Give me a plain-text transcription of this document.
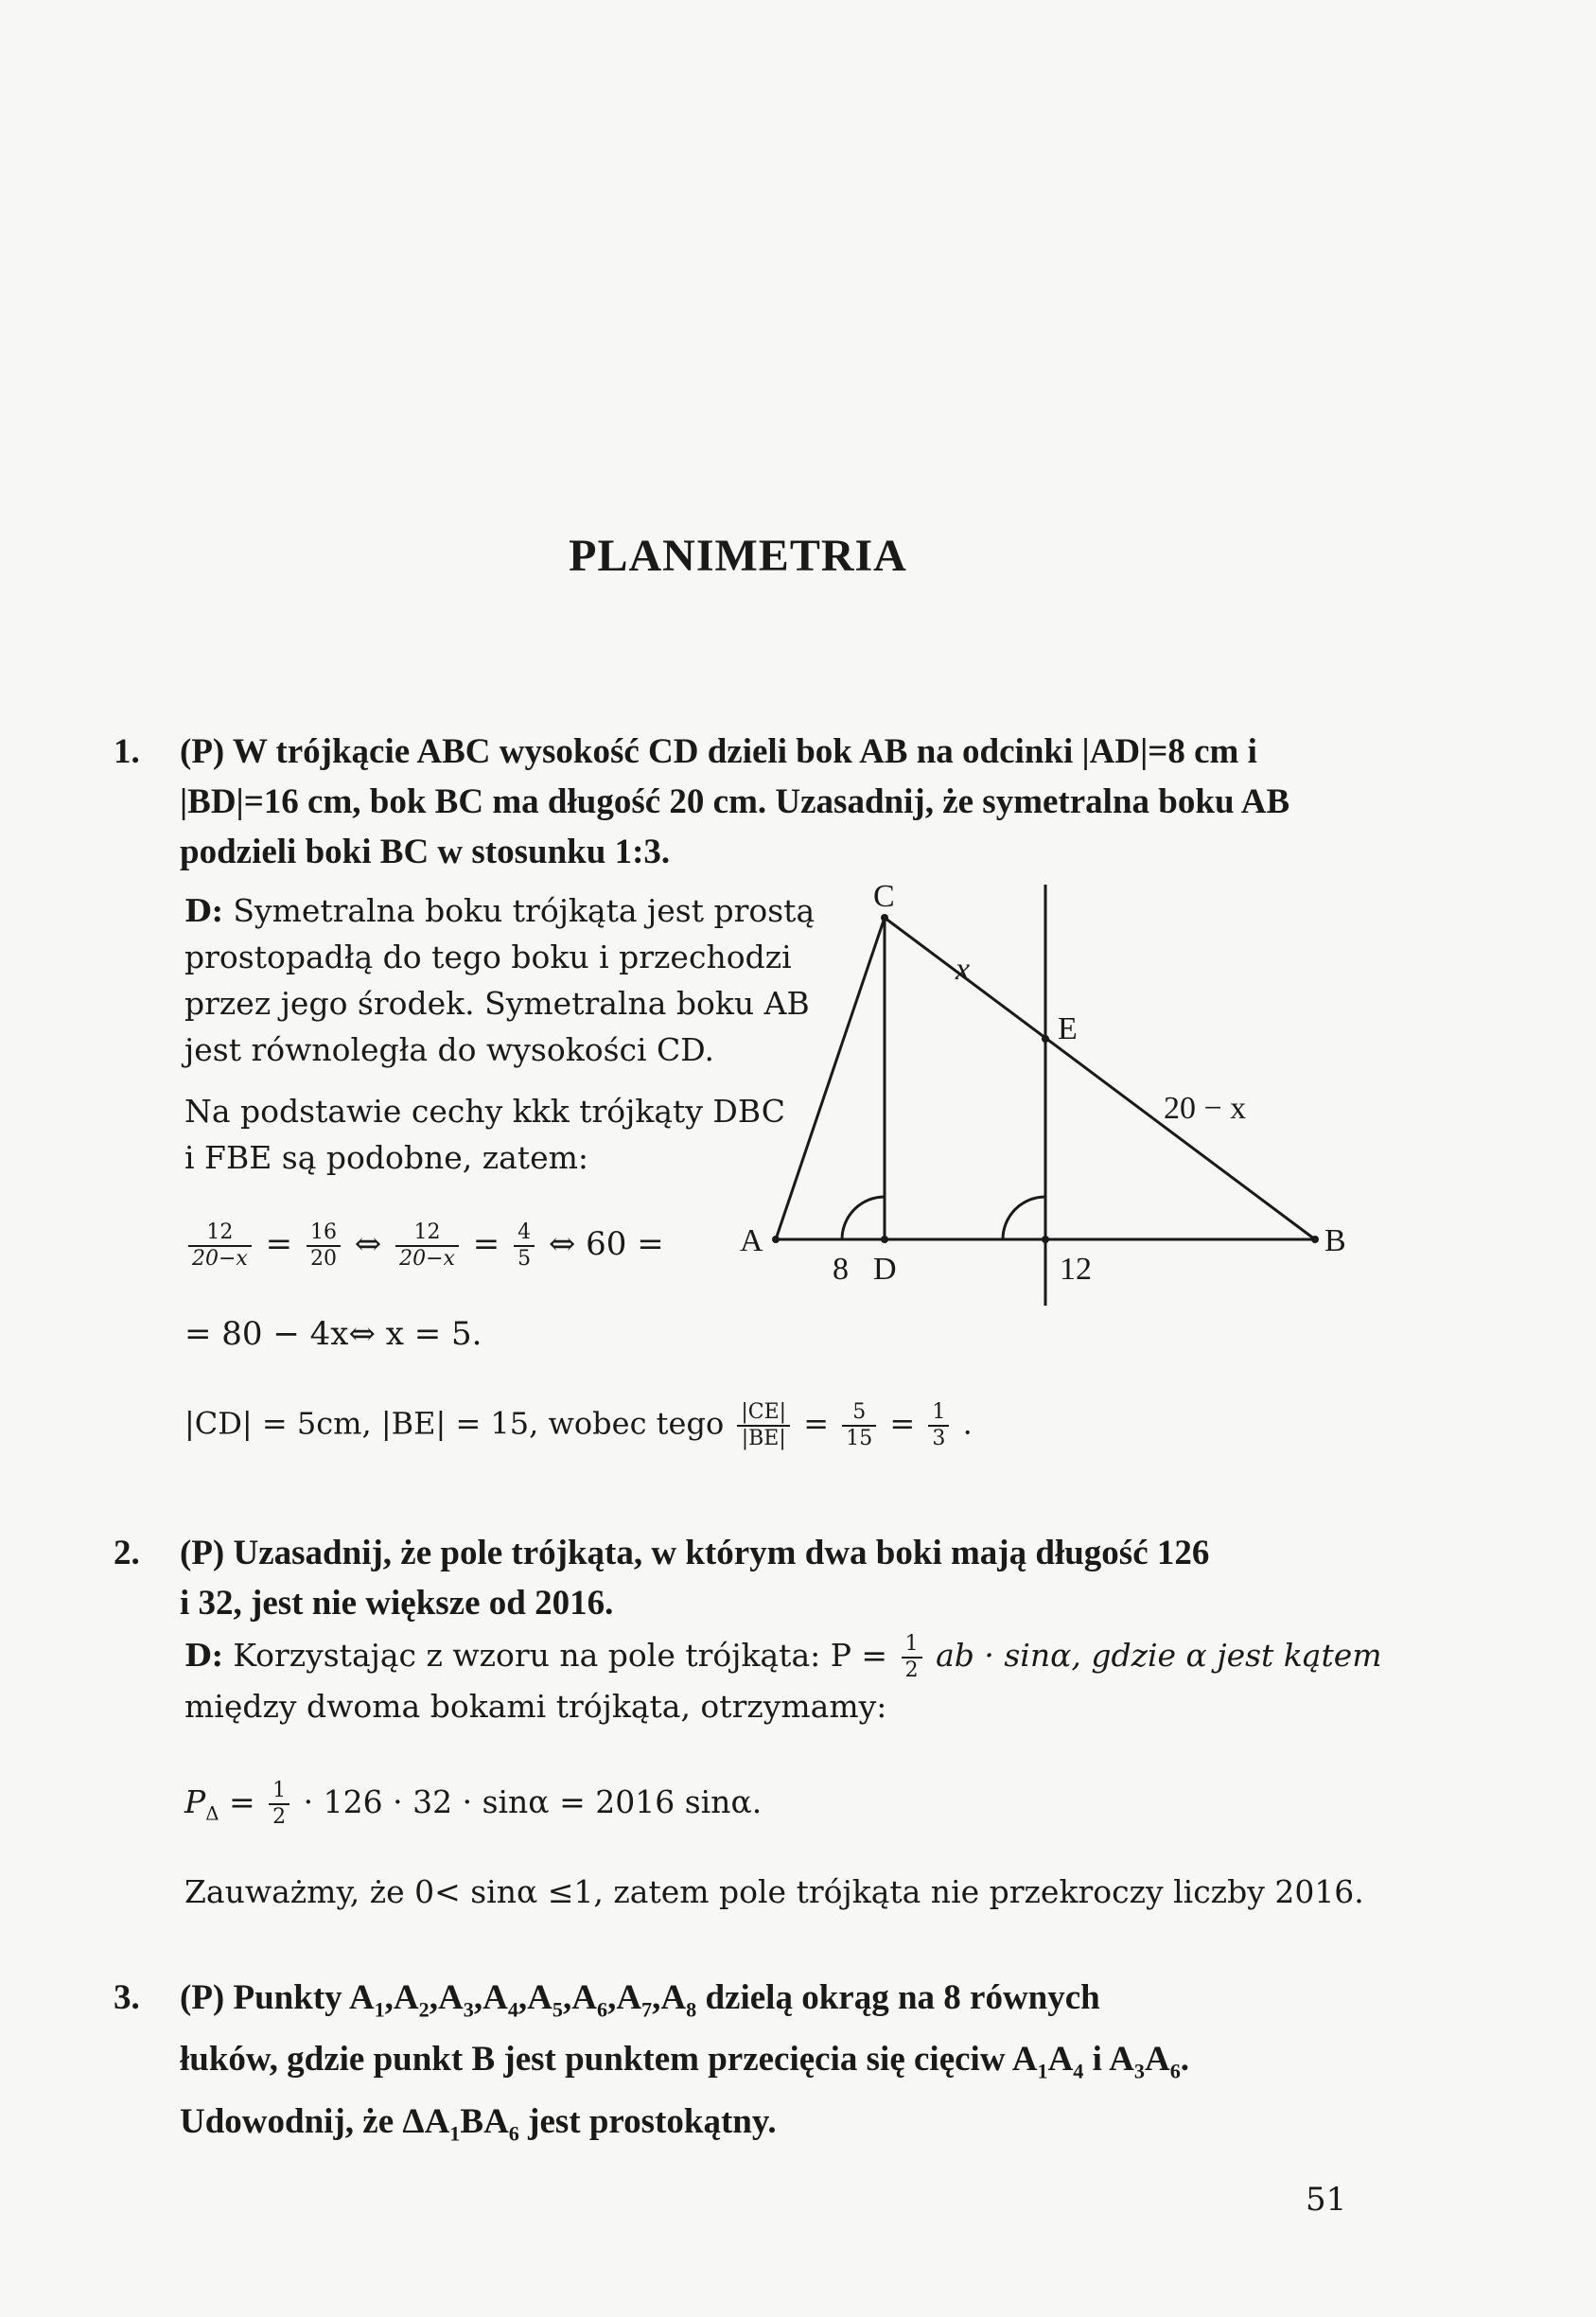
PLANIMETRIA
1. (P) W trójkącie ABC wysokość CD dzieli bok AB na odcinki |AD|=8 cm i |BD|=16 cm, bok BC ma długość 20 cm. Uzasadnij, że symetralna boku AB podzieli boki BC w stosunku 1:3.
D: Symetralna boku trójkąta jest prostą
prostopadłą do tego boku i przechodzi
przez jego środek. Symetralna boku AB
jest równoległa do wysokości CD.
Na podstawie cechy kkk trójkąty DBC
i FBE są podobne, zatem:
$\frac{12}{20-x} = \frac{16}{20}$ ⇔ $\frac{12}{20-x} = \frac{4}{5}$ ⇔ 60 =
= 80 − 4x⇔ x = 5.
|CD| = 5cm, |BE| = 15, wobec tego $\frac{|CE|}{|BE|} = \frac{5}{15} = \frac{1}{3}$ .
A	B
C
D
E
x
20 − x
8	12
2. (P) Uzasadnij, że pole trójkąta, w którym dwa boki mają długość 126
i 32, jest nie większe od 2016.
D: Korzystając z wzoru na pole trójkąta: $P = \frac{1}{2}$ ab · sinα, gdzie α jest kątem
między dwoma bokami trójkąta, otrzymamy:
$P_\Delta = \frac{1}{2} \cdot 126 \cdot 32 \cdot \sin\alpha = 2016$ sinα.
Zauważmy, że 0< sinα ≤1, zatem pole trójkąta nie przekroczy liczby 2016.
3. (P) Punkty $A_1,A_2,A_3,A_4,A_5,A_6,A_7,A_8$ dzielą okrąg na 8 równych
łuków, gdzie punkt B jest punktem przecięcia się cięciw $A_1A_4$ i $A_3A_6$.
Udowodnij, że $\Delta A_1BA_6$ jest prostokątny.
51
